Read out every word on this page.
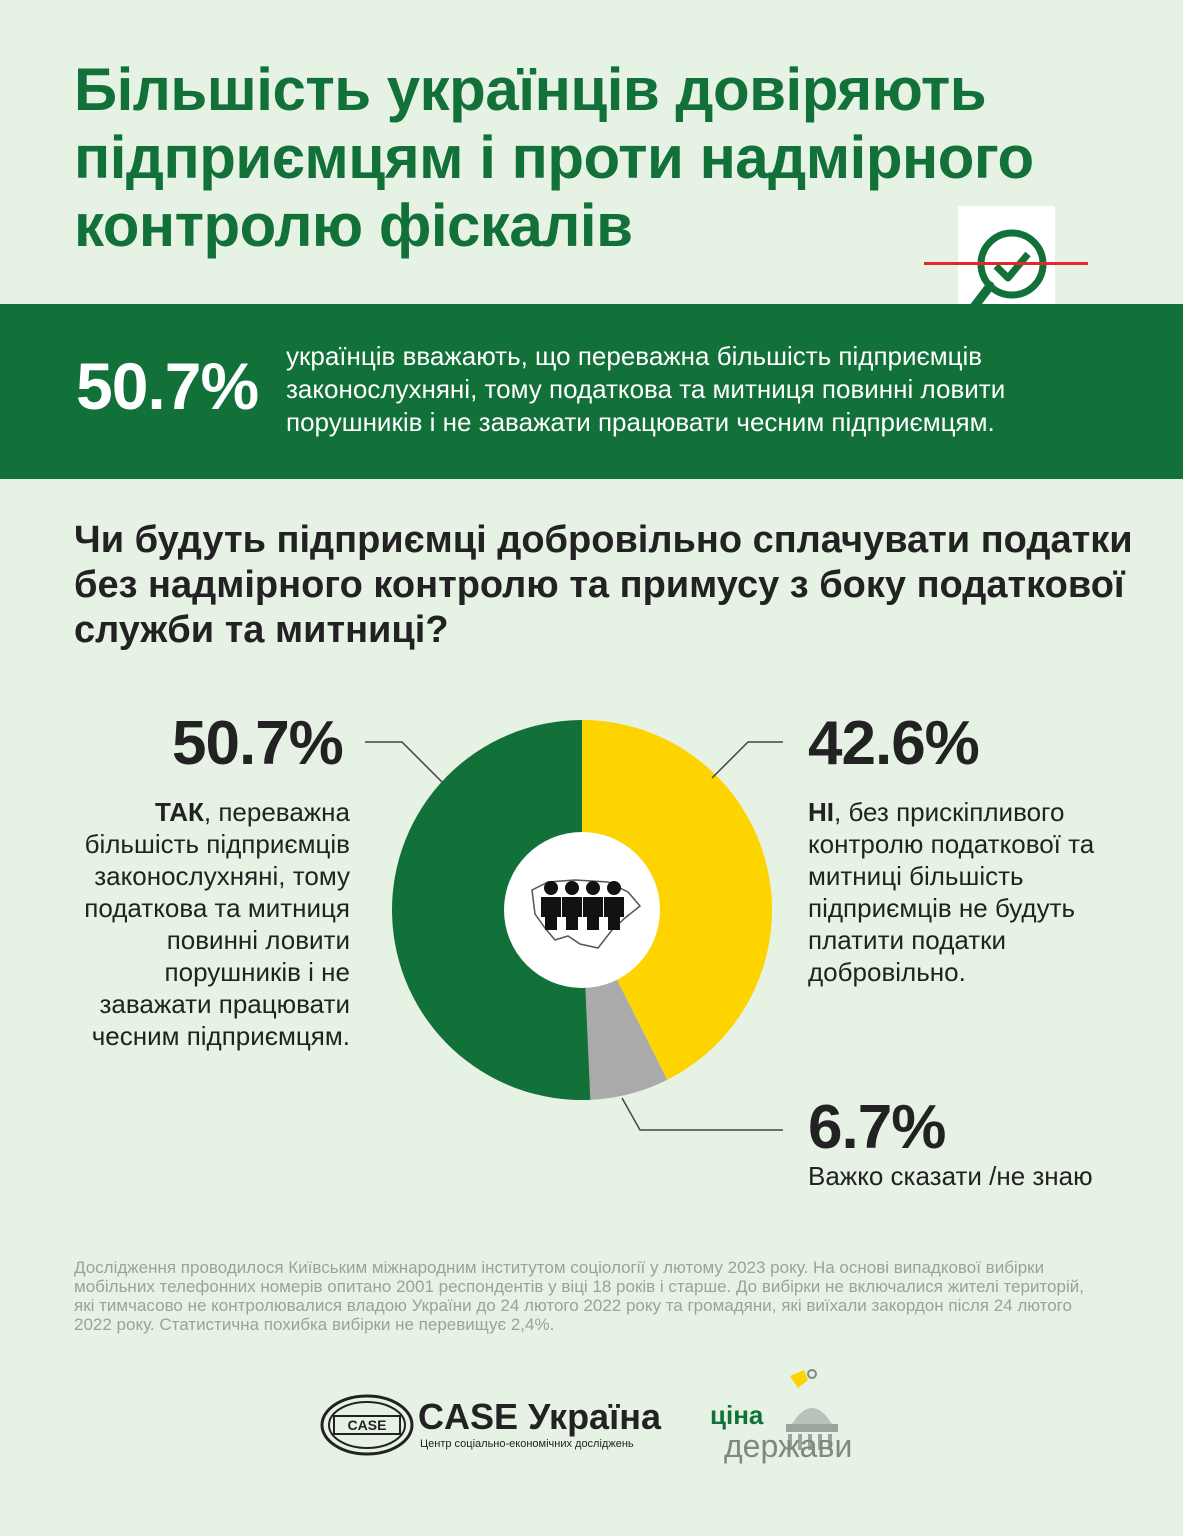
Більшість українців довіряють підприємцям і проти надмірного контролю фіскалів
50.7% українців вважають, що переважна більшість підприємців законослухняні, тому податкова та митниця повинні ловити порушників і не заважати працювати чесним підприємцям.
Чи будуть підприємці добровільно сплачувати податки без надмірного контролю та примусу з боку податкової служби та митниці?
50.7%
ТАК, переважна більшість підприємців законослухняні, тому податкова та митниця повинні ловити порушників і не заважати працювати чесним підприємцям.
42.6%
НІ, без прискіпливого контролю податкової та митниці більшість підприємців не будуть платити податки добровільно.
6.7%
Важко сказати /не знаю
Дослідження проводилося Київським міжнародним інститутом соціології у лютому 2023 року. На основі випадкової вибірки мобільних телефонних номерів опитано 2001 респондентів у віці 18 років і старше. До вибірки не включалися жителі територій, які тимчасово не контролювалися владою України до 24 лютого 2022 року та громадяни, які виїхали закордон після 24 лютого 2022 року. Статистична похибка вибірки не перевищує 2,4%.
CASE CASE Україна
Центр соціально-економічних досліджень
ціна
держави
